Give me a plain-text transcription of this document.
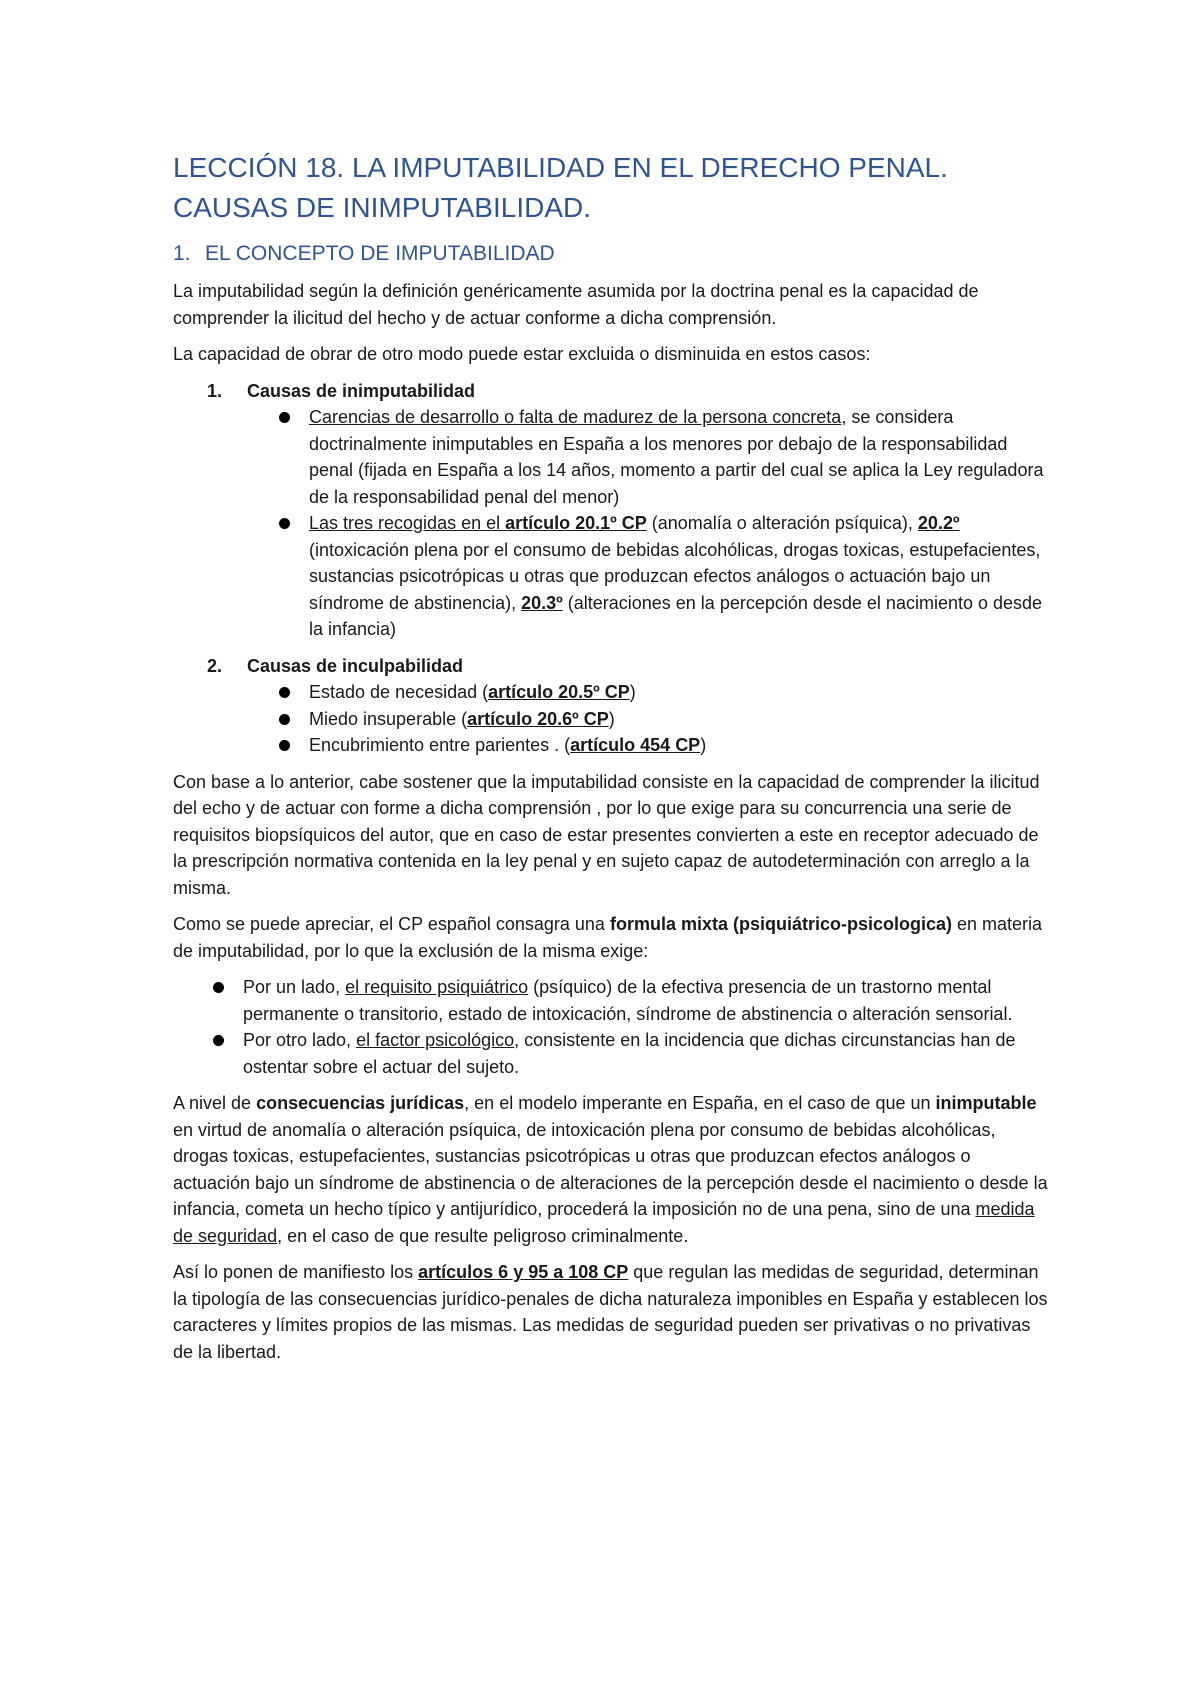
LECCIÓN 18. LA IMPUTABILIDAD EN EL DERECHO PENAL. CAUSAS DE INIMPUTABILIDAD.
1. EL CONCEPTO DE IMPUTABILIDAD

La imputabilidad según la definición genéricamente asumida por la doctrina penal es la capacidad de comprender la ilicitud del hecho y de actuar conforme a dicha comprensión.

La capacidad de obrar de otro modo puede estar excluida o disminuida en estos casos:

1.	Causas de inimputabilidad
Carencias de desarrollo o falta de madurez de la persona concreta, se considera doctrinalmente inimputables en España a los menores por debajo de la responsabilidad penal (fijada en España a los 14 años, momento a partir del cual se aplica la Ley reguladora de la responsabilidad penal del menor)
Las tres recogidas en el artículo 20.1º CP (anomalía o alteración psíquica), 20.2º (intoxicación plena por el consumo de bebidas alcohólicas, drogas toxicas, estupefacientes, sustancias psicotrópicas u otras que produzcan efectos análogos o actuación bajo un síndrome de abstinencia), 20.3º (alteraciones en la percepción desde el nacimiento o desde la infancia)
2.	Causas de inculpabilidad
Estado de necesidad (artículo 20.5º CP)
Miedo insuperable (artículo 20.6º CP)
Encubrimiento entre parientes . (artículo 454 CP)

Con base a lo anterior, cabe sostener que la imputabilidad consiste en la capacidad de comprender la ilicitud del echo y de actuar con forme a dicha comprensión , por lo que exige para su concurrencia una serie de requisitos biopsíquicos del autor, que en caso de estar presentes convierten a este en receptor adecuado de la prescripción normativa contenida en la ley penal y en sujeto capaz de autodeterminación con arreglo a la misma.

Como se puede apreciar, el CP español consagra una formula mixta (psiquiátrico-psicologica) en materia de imputabilidad, por lo que la exclusión de la misma exige:

Por un lado, el requisito psiquiátrico (psíquico) de la efectiva presencia de un trastorno mental permanente o transitorio, estado de intoxicación, síndrome de abstinencia o alteración sensorial.
Por otro lado, el factor psicológico, consistente en la incidencia que dichas circunstancias han de ostentar sobre el actuar del sujeto.

A nivel de consecuencias jurídicas, en el modelo imperante en España, en el caso de que un inimputable en virtud de anomalía o alteración psíquica, de intoxicación plena por consumo de bebidas alcohólicas, drogas toxicas, estupefacientes, sustancias psicotrópicas u otras que produzcan efectos análogos o actuación bajo un síndrome de abstinencia o de alteraciones de la percepción desde el nacimiento o desde la infancia, cometa un hecho típico y antijurídico, procederá la imposición no de una pena, sino de una medida de seguridad, en el caso de que resulte peligroso criminalmente.

Así lo ponen de manifiesto los artículos 6 y 95 a 108 CP que regulan las medidas de seguridad, determinan la tipología de las consecuencias jurídico-penales de dicha naturaleza imponibles en España y establecen los caracteres y límites propios de las mismas. Las medidas de seguridad pueden ser privativas o no privativas de la libertad.
